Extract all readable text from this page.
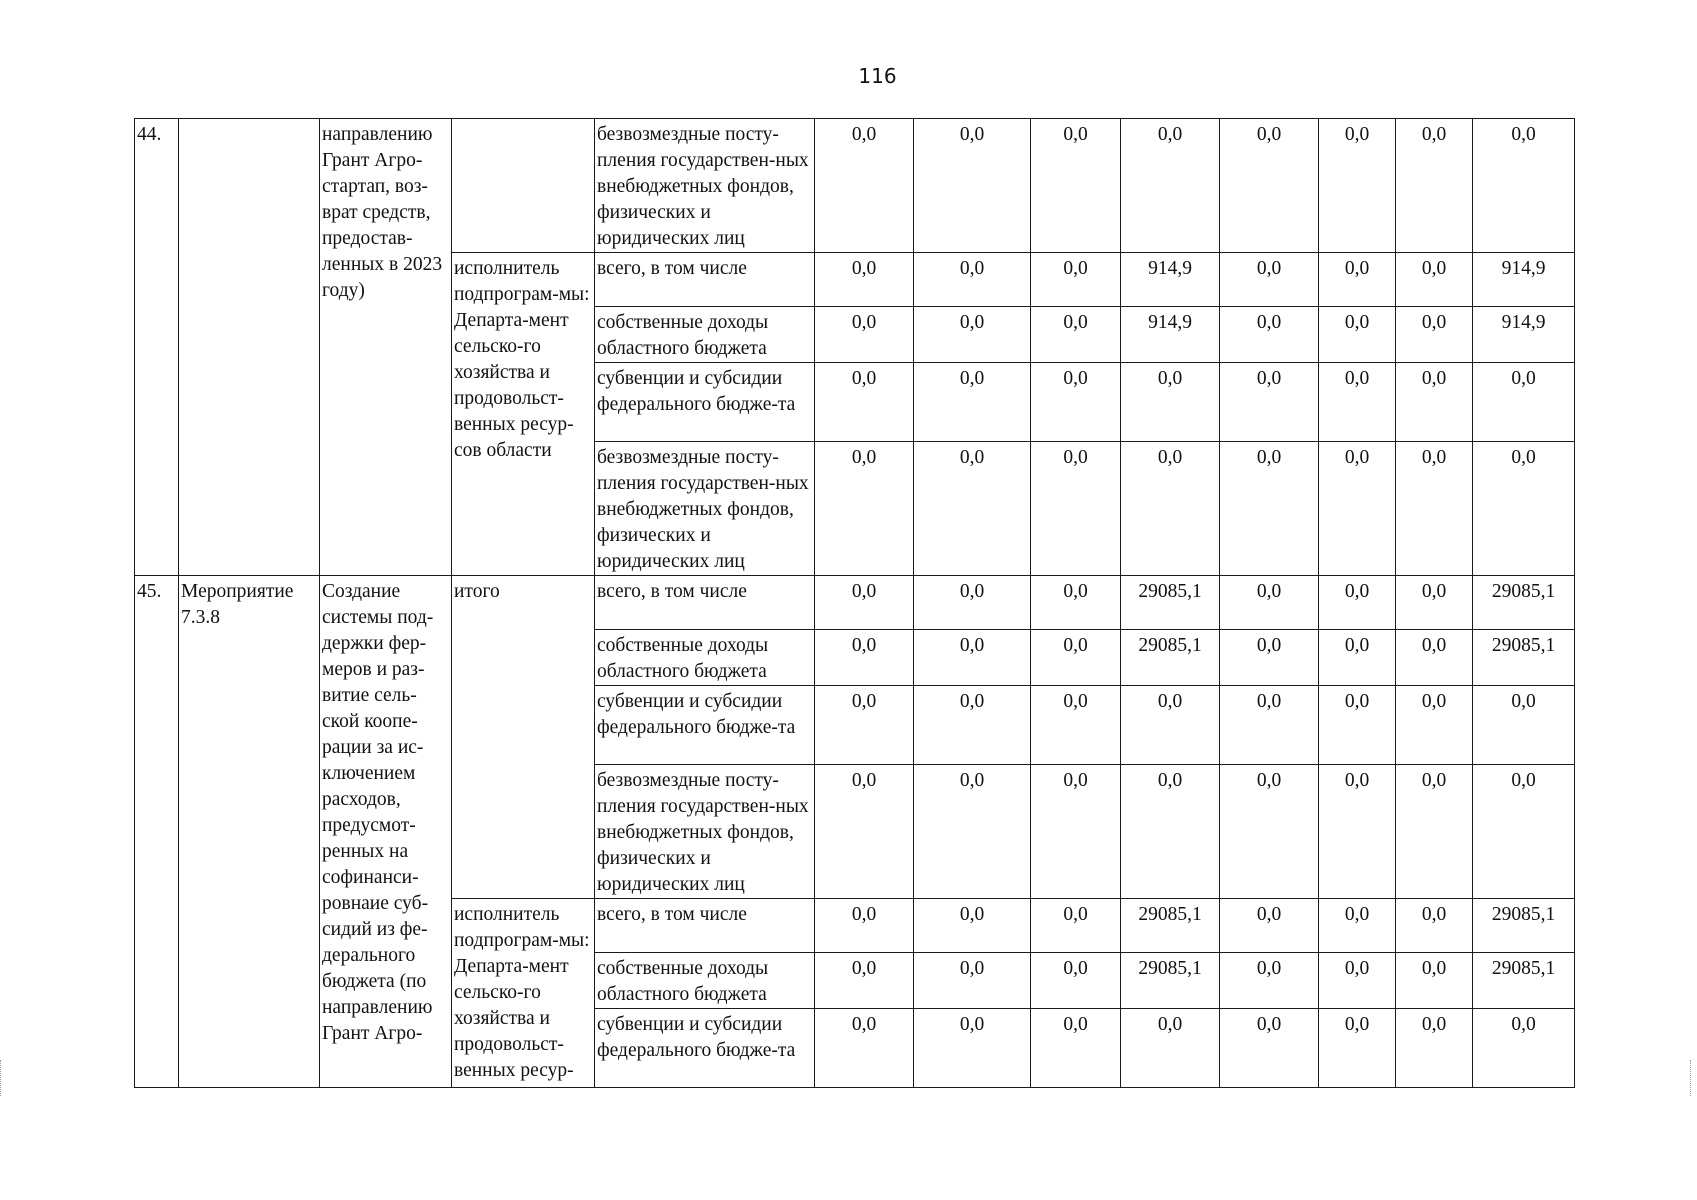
116
44.		направлению Грант Агро-стартап, воз-врат средств, предостав-ленных в 2023 году)		безвозмездные посту-пления государствен-ных внебюджетных фондов, физических и юридических лиц	0,0	0,0	0,0	0,0	0,0	0,0	0,0	0,0
			исполнитель подпрограм-мы: Департа-мент сельско-го хозяйства и продовольст-венных ресур-сов области	всего, в том числе	0,0	0,0	0,0	914,9	0,0	0,0	0,0	914,9
				собственные доходы областного бюджета	0,0	0,0	0,0	914,9	0,0	0,0	0,0	914,9
				субвенции и субсидии федерального бюдже-та	0,0	0,0	0,0	0,0	0,0	0,0	0,0	0,0
				безвозмездные посту-пления государствен-ных внебюджетных фондов, физических и юридических лиц	0,0	0,0	0,0	0,0	0,0	0,0	0,0	0,0
45.	Мероприятие 7.3.8	Создание системы под-держки фер-меров и раз-витие сель-ской коопе-рации за ис-ключением расходов, предусмот-ренных на софинанси-ровнаие суб-сидий из фе-дерального бюджета (по направлению Грант Агро-	итого	всего, в том числе	0,0	0,0	0,0	29085,1	0,0	0,0	0,0	29085,1
				собственные доходы областного бюджета	0,0	0,0	0,0	29085,1	0,0	0,0	0,0	29085,1
				субвенции и субсидии федерального бюдже-та	0,0	0,0	0,0	0,0	0,0	0,0	0,0	0,0
				безвозмездные посту-пления государствен-ных внебюджетных фондов, физических и юридических лиц	0,0	0,0	0,0	0,0	0,0	0,0	0,0	0,0
			исполнитель подпрограм-мы: Департа-мент сельско-го хозяйства и продовольст-венных ресур-	всего, в том числе	0,0	0,0	0,0	29085,1	0,0	0,0	0,0	29085,1
				собственные доходы областного бюджета	0,0	0,0	0,0	29085,1	0,0	0,0	0,0	29085,1
				субвенции и субсидии федерального бюдже-та	0,0	0,0	0,0	0,0	0,0	0,0	0,0	0,0
